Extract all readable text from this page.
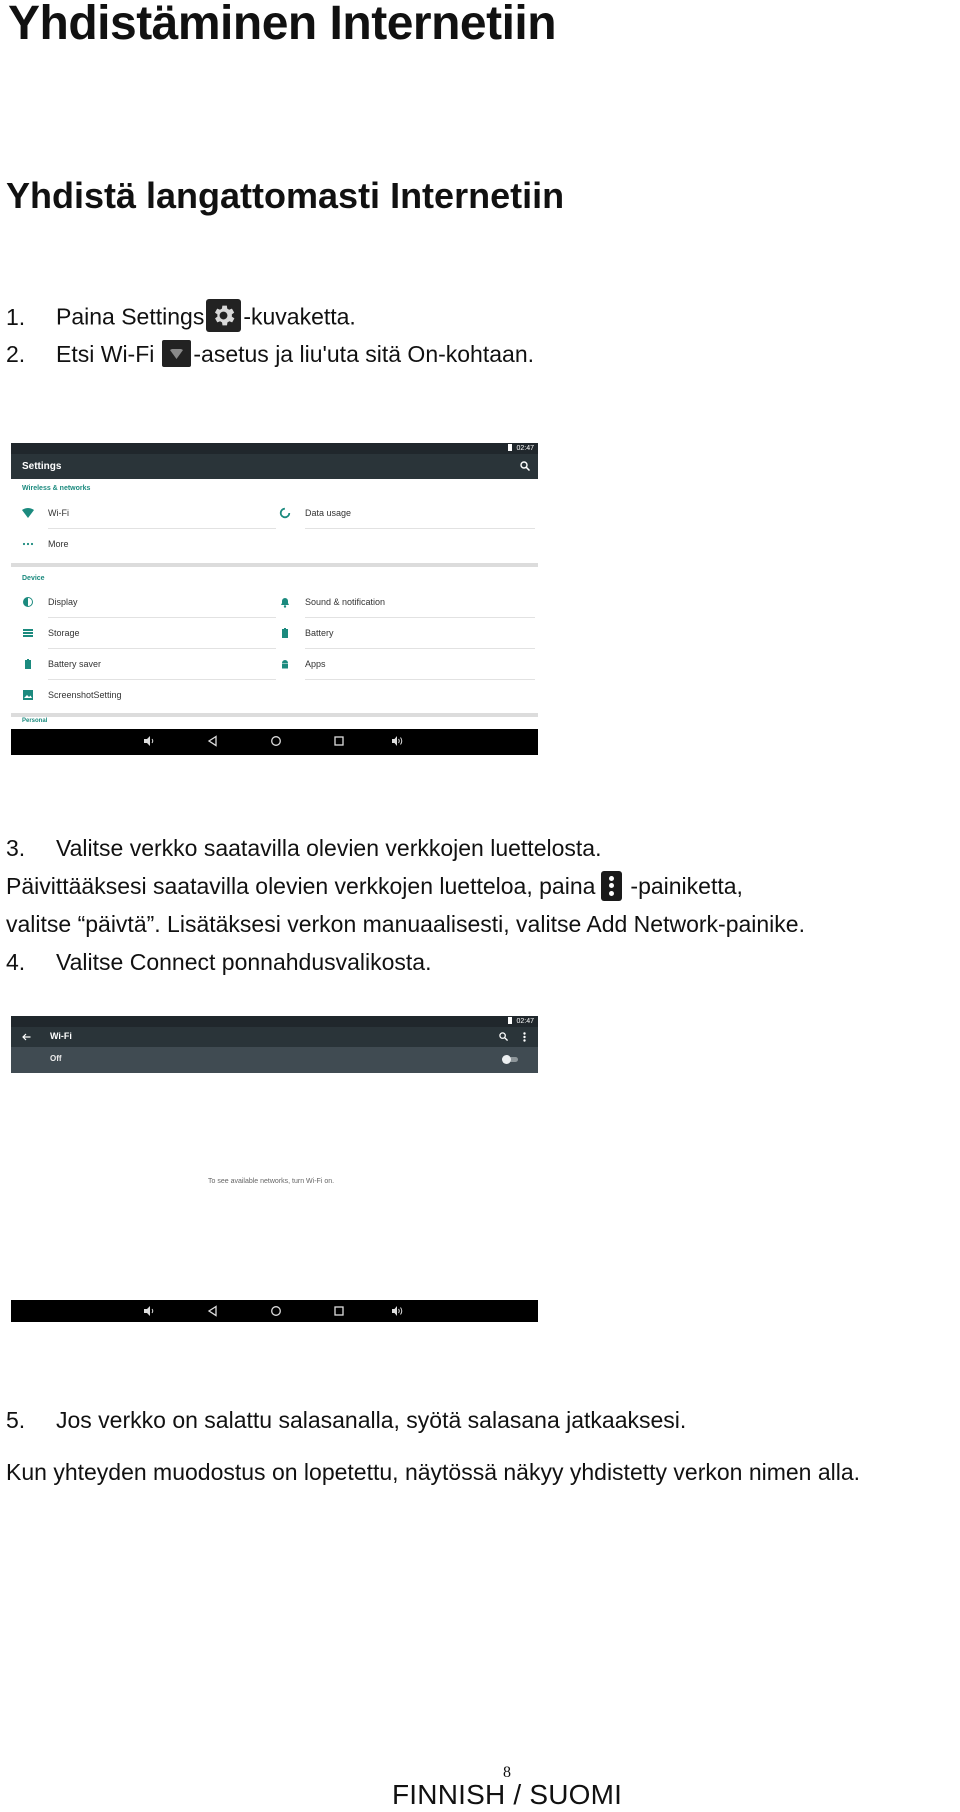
Yhdistäminen Internetiin
Yhdistä langattomasti Internetiin
1. Paina Settings -kuvaketta.
2. Etsi Wi-Fi -asetus ja liu'uta sitä On-kohtaan.
02:47
Settings
Wireless & networks
Wi-Fi	Data usage
More
Device
Display	Sound & notification
Storage	Battery
Battery saver	Apps
ScreenshotSetting
Personal
3. Valitse verkko saatavilla olevien verkkojen luettelosta.
Päivittääksesi saatavilla olevien verkkojen luetteloa, paina -painiketta,
valitse “päivtä”. Lisätäksesi verkon manuaalisesti, valitse Add Network-painike.
4. Valitse Connect ponnahdusvalikosta.
02:47
Wi-Fi
Off
To see available networks, turn Wi-Fi on.
5. Jos verkko on salattu salasanalla, syötä salasana jatkaaksesi.
Kun yhteyden muodostus on lopetettu, näytössä näkyy yhdistetty verkon nimen alla.
8
FINNISH / SUOMI
